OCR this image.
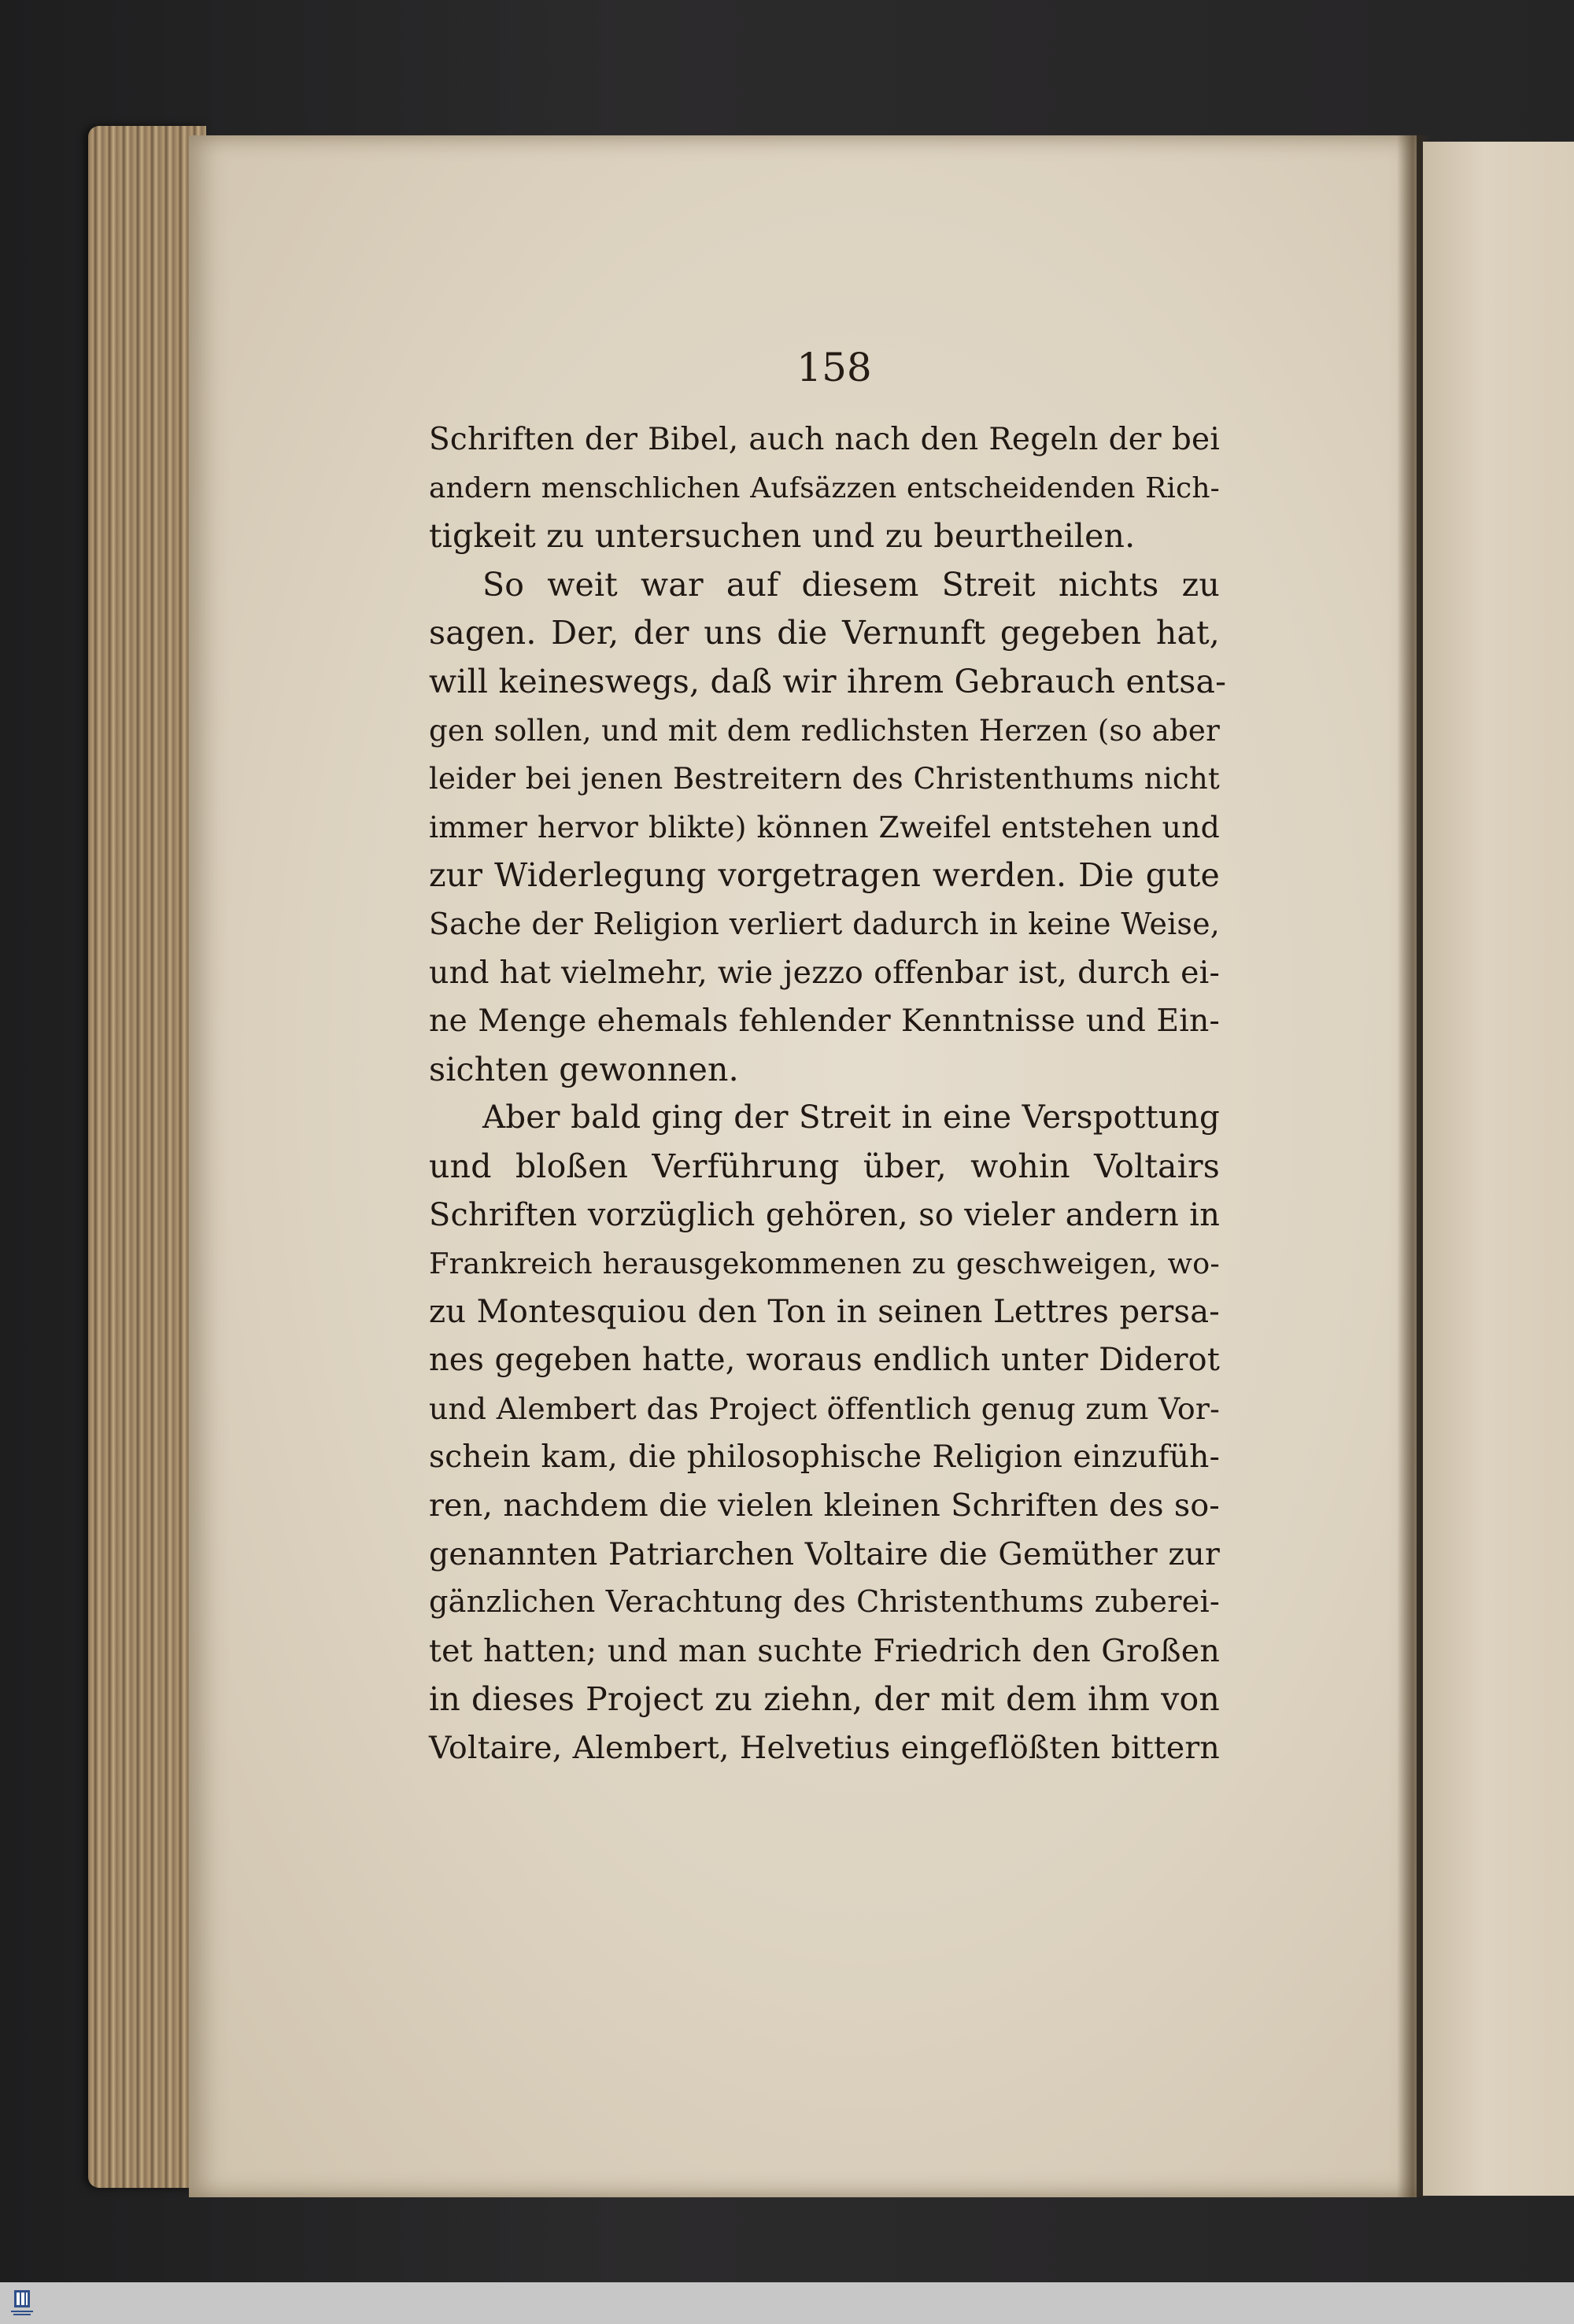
158
Schriften der Bibel, auch nach den Regeln der bei
andern menschlichen Aufsäzzen entscheidenden Rich-
tigkeit zu untersuchen und zu beurtheilen.
So weit war auf diesem Streit nichts zu
sagen. Der, der uns die Vernunft gegeben hat,
will keineswegs, daß wir ihrem Gebrauch entsa-
gen sollen, und mit dem redlichsten Herzen (so aber
leider bei jenen Bestreitern des Christenthums nicht
immer hervor blikte) können Zweifel entstehen und
zur Widerlegung vorgetragen werden. Die gute
Sache der Religion verliert dadurch in keine Weise,
und hat vielmehr, wie jezzo offenbar ist, durch ei-
ne Menge ehemals fehlender Kenntnisse und Ein-
sichten gewonnen.
Aber bald ging der Streit in eine Verspottung
und bloßen Verführung über, wohin Voltairs
Schriften vorzüglich gehören, so vieler andern in
Frankreich herausgekommenen zu geschweigen, wo-
zu Montesquiou den Ton in seinen Lettres persa-
nes gegeben hatte, woraus endlich unter Diderot
und Alembert das Project öffentlich genug zum Vor-
schein kam, die philosophische Religion einzufüh-
ren, nachdem die vielen kleinen Schriften des so-
genannten Patriarchen Voltaire die Gemüther zur
gänzlichen Verachtung des Christenthums zuberei-
tet hatten; und man suchte Friedrich den Großen
in dieses Project zu ziehn, der mit dem ihm von
Voltaire, Alembert, Helvetius eingeflößten bittern
